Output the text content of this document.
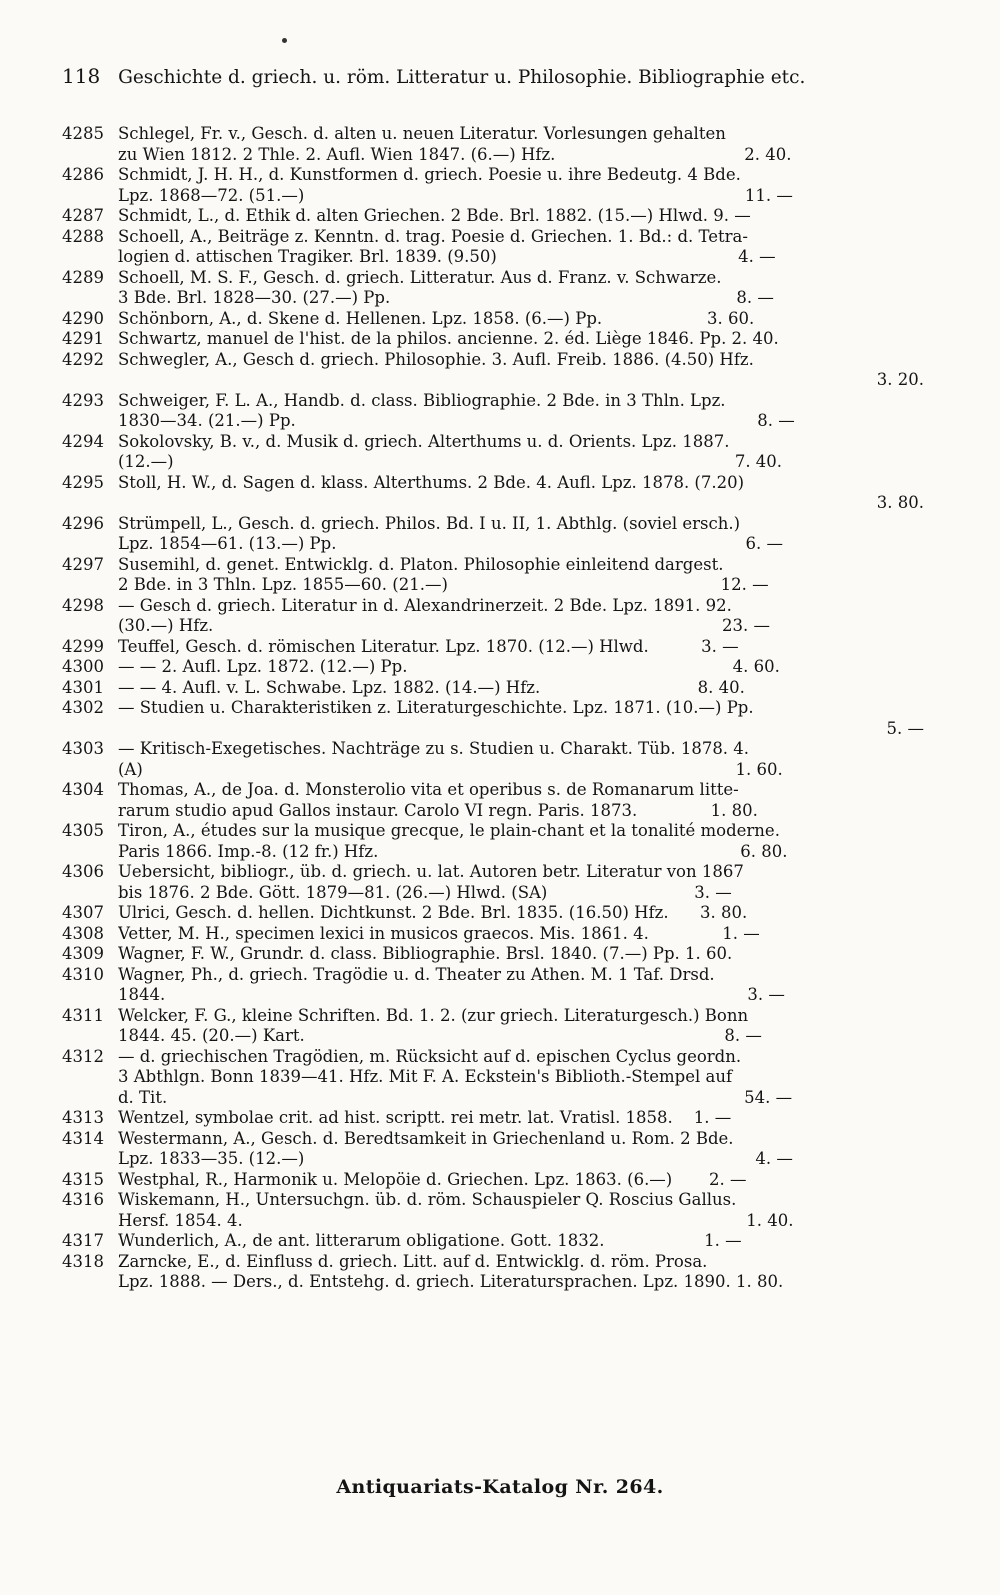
118 Geschichte d. griech. u. röm. Litteratur u. Philosophie. Bibliographie etc.
4285 Schlegel, Fr. v., Gesch. d. alten u. neuen Literatur. Vorlesungen gehalten
zu Wien 1812. 2 Thle. 2. Aufl. Wien 1847. (6.—) Hfz.                                    2. 40.
4286 Schmidt, J. H. H., d. Kunstformen d. griech. Poesie u. ihre Bedeutg. 4 Bde.
Lpz. 1868—72. (51.—)                                                                                    11. —
4287 Schmidt, L., d. Ethik d. alten Griechen. 2 Bde. Brl. 1882. (15.—) Hlwd. 9. —
4288 Schoell, A., Beiträge z. Kenntn. d. trag. Poesie d. Griechen. 1. Bd.: d. Tetra-
logien d. attischen Tragiker. Brl. 1839. (9.50)                                              4. —
4289 Schoell, M. S. F., Gesch. d. griech. Litteratur. Aus d. Franz. v. Schwarze.
3 Bde. Brl. 1828—30. (27.—) Pp.                                                                  8. —
4290 Schönborn, A., d. Skene d. Hellenen. Lpz. 1858. (6.—) Pp.                    3. 60.
4291 Schwartz, manuel de l'hist. de la philos. ancienne. 2. éd. Liège 1846. Pp. 2. 40.
4292 Schwegler, A., Gesch d. griech. Philosophie. 3. Aufl. Freib. 1886. (4.50) Hfz.
3. 20.
4293 Schweiger, F. L. A., Handb. d. class. Bibliographie. 2 Bde. in 3 Thln. Lpz.
1830—34. (21.—) Pp.                                                                                        8. —
4294 Sokolovsky, B. v., d. Musik d. griech. Alterthums u. d. Orients. Lpz. 1887.
(12.—)                                                                                                           7. 40.
4295 Stoll, H. W., d. Sagen d. klass. Alterthums. 2 Bde. 4. Aufl. Lpz. 1878. (7.20)
3. 80.
4296 Strümpell, L., Gesch. d. griech. Philos. Bd. I u. II, 1. Abthlg. (soviel ersch.)
Lpz. 1854—61. (13.—) Pp.                                                                              6. —
4297 Susemihl, d. genet. Entwicklg. d. Platon. Philosophie einleitend dargest.
2 Bde. in 3 Thln. Lpz. 1855—60. (21.—)                                                    12. —
4298 — Gesch d. griech. Literatur in d. Alexandrinerzeit. 2 Bde. Lpz. 1891. 92.
(30.—) Hfz.                                                                                                 23. —
4299 Teuffel, Gesch. d. römischen Literatur. Lpz. 1870. (12.—) Hlwd.          3. —
4300 — — 2. Aufl. Lpz. 1872. (12.—) Pp.                                                              4. 60.
4301 — — 4. Aufl. v. L. Schwabe. Lpz. 1882. (14.—) Hfz.                              8. 40.
4302 — Studien u. Charakteristiken z. Literaturgeschichte. Lpz. 1871. (10.—) Pp.
5. —
4303 — Kritisch-Exegetisches. Nachträge zu s. Studien u. Charakt. Tüb. 1878. 4.
(A)                                                                                                                 1. 60.
4304 Thomas, A., de Joa. d. Monsterolio vita et operibus s. de Romanarum litte-
rarum studio apud Gallos instaur. Carolo VI regn. Paris. 1873.              1. 80.
4305 Tiron, A., études sur la musique grecque, le plain-chant et la tonalité moderne.
Paris 1866. Imp.-8. (12 fr.) Hfz.                                                                     6. 80.
4306 Uebersicht, bibliogr., üb. d. griech. u. lat. Autoren betr. Literatur von 1867
bis 1876. 2 Bde. Gött. 1879—81. (26.—) Hlwd. (SA)                            3. —
4307 Ulrici, Gesch. d. hellen. Dichtkunst. 2 Bde. Brl. 1835. (16.50) Hfz.      3. 80.
4308 Vetter, M. H., specimen lexici in musicos graecos. Mis. 1861. 4.              1. —
4309 Wagner, F. W., Grundr. d. class. Bibliographie. Brsl. 1840. (7.—) Pp. 1. 60.
4310 Wagner, Ph., d. griech. Tragödie u. d. Theater zu Athen. M. 1 Taf. Drsd.
1844.                                                                                                               3. —
4311 Welcker, F. G., kleine Schriften. Bd. 1. 2. (zur griech. Literaturgesch.) Bonn
1844. 45. (20.—) Kart.                                                                                8. —
4312 — d. griechischen Tragödien, m. Rücksicht auf d. epischen Cyclus geordn.
3 Abthlgn. Bonn 1839—41. Hfz. Mit F. A. Eckstein's Biblioth.-Stempel auf
d. Tit.                                                                                                              54. —
4313 Wentzel, symbolae crit. ad hist. scriptt. rei metr. lat. Vratisl. 1858.    1. —
4314 Westermann, A., Gesch. d. Beredtsamkeit in Griechenland u. Rom. 2 Bde.
Lpz. 1833—35. (12.—)                                                                                      4. —
4315 Westphal, R., Harmonik u. Melopöie d. Griechen. Lpz. 1863. (6.—)       2. —
4316 Wiskemann, H., Untersuchgn. üb. d. röm. Schauspieler Q. Roscius Gallus.
Hersf. 1854. 4.                                                                                                1. 40.
4317 Wunderlich, A., de ant. litterarum obligatione. Gott. 1832.                   1. —
4318 Zarncke, E., d. Einfluss d. griech. Litt. auf d. Entwicklg. d. röm. Prosa.
Lpz. 1888. — Ders., d. Entstehg. d. griech. Literatursprachen. Lpz. 1890. 1. 80.
Antiquariats-Katalog Nr. 264.
